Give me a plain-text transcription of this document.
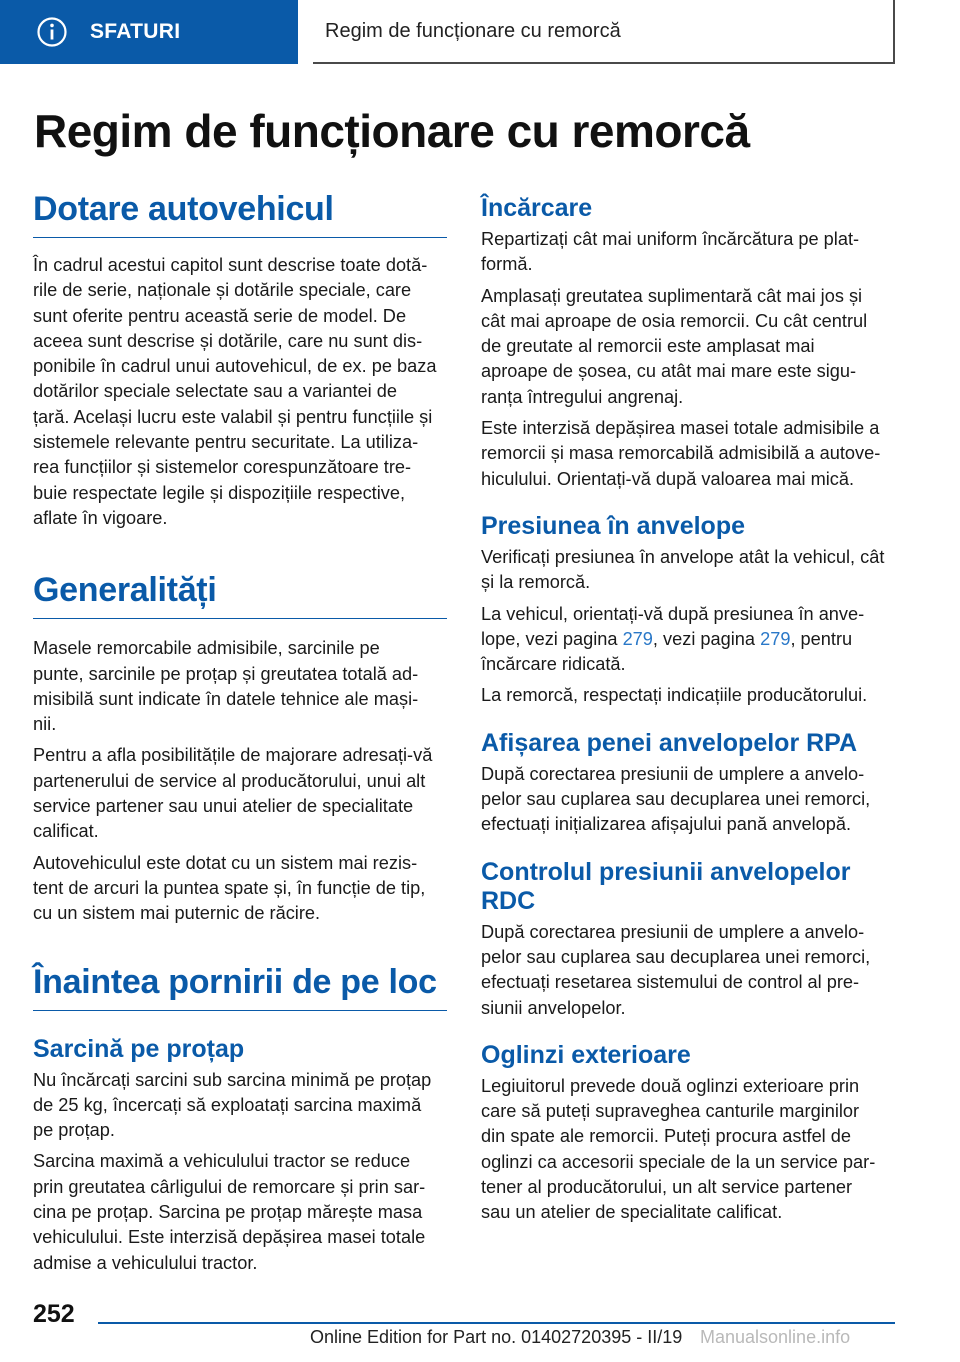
SFATURI	Regim de funcționare cu remorcă
Regim de funcționare cu remorcă
Dotare autovehicul

În cadrul acestui capitol sunt descrise toate dotă-
rile de serie, naționale și dotările speciale, care
sunt oferite pentru această serie de model. De
aceea sunt descrise și dotările, care nu sunt dis-
ponibile în cadrul unui autovehicul, de ex. pe baza
dotărilor speciale selectate sau a variantei de
țară. Același lucru este valabil și pentru funcțiile și
sistemele relevante pentru securitate. La utiliza-
rea funcțiilor și sistemelor corespunzătoare tre-
buie respectate legile și dispozițiile respective,
aflate în vigoare.

Generalități

Masele remorcabile admisibile, sarcinile pe
punte, sarcinile pe proțap și greutatea totală ad-
misibilă sunt indicate în datele tehnice ale mași-
nii.

Pentru a afla posibilitățile de majorare adresați-vă
partenerului de service al producătorului, unui alt
service partener sau unui atelier de specialitate
calificat.

Autovehiculul este dotat cu un sistem mai rezis-
tent de arcuri la puntea spate și, în funcție de tip,
cu un sistem mai puternic de răcire.

Înaintea pornirii de pe loc
Sarcină pe proțap

Nu încărcați sarcini sub sarcina minimă pe proțap
de 25 kg, încercați să exploatați sarcina maximă
pe proțap.

Sarcina maximă a vehiculului tractor se reduce
prin greutatea cârligului de remorcare și prin sar-
cina pe proțap. Sarcina pe proțap mărește masa
vehiculului. Este interzisă depășirea masei totale
admise a vehiculului tractor.

Încărcare

Repartizați cât mai uniform încărcătura pe plat-
formă.

Amplasați greutatea suplimentară cât mai jos și
cât mai aproape de osia remorcii. Cu cât centrul
de greutate al remorcii este amplasat mai
aproape de șosea, cu atât mai mare este sigu-
ranța întregului angrenaj.

Este interzisă depășirea masei totale admisibile a
remorcii și masa remorcabilă admisibilă a autove-
hiculului. Orientați-vă după valoarea mai mică.

Presiunea în anvelope

Verificați presiunea în anvelope atât la vehicul, cât
și la remorcă.

La vehicul, orientați-vă după presiunea în anve-
lope, vezi pagina 279, vezi pagina 279, pentru
încărcare ridicată.

La remorcă, respectați indicațiile producătorului.

Afișarea penei anvelopelor RPA

După corectarea presiunii de umplere a anvelo-
pelor sau cuplarea sau decuplarea unei remorci,
efectuați inițializarea afișajului pană anvelopă.

Controlul presiunii anvelopelor
RDC

După corectarea presiunii de umplere a anvelo-
pelor sau cuplarea sau decuplarea unei remorci,
efectuați resetarea sistemului de control al pre-
siunii anvelopelor.

Oglinzi exterioare

Legiuitorul prevede două oglinzi exterioare prin
care să puteți supraveghea canturile marginilor
din spate ale remorcii. Puteți procura astfel de
oglinzi ca accesorii speciale de la un service par-
tener al producătorului, un alt service partener
sau un atelier de specialitate calificat.

252
Online Edition for Part no. 01402720395 - II/19 Manualsonline.info
